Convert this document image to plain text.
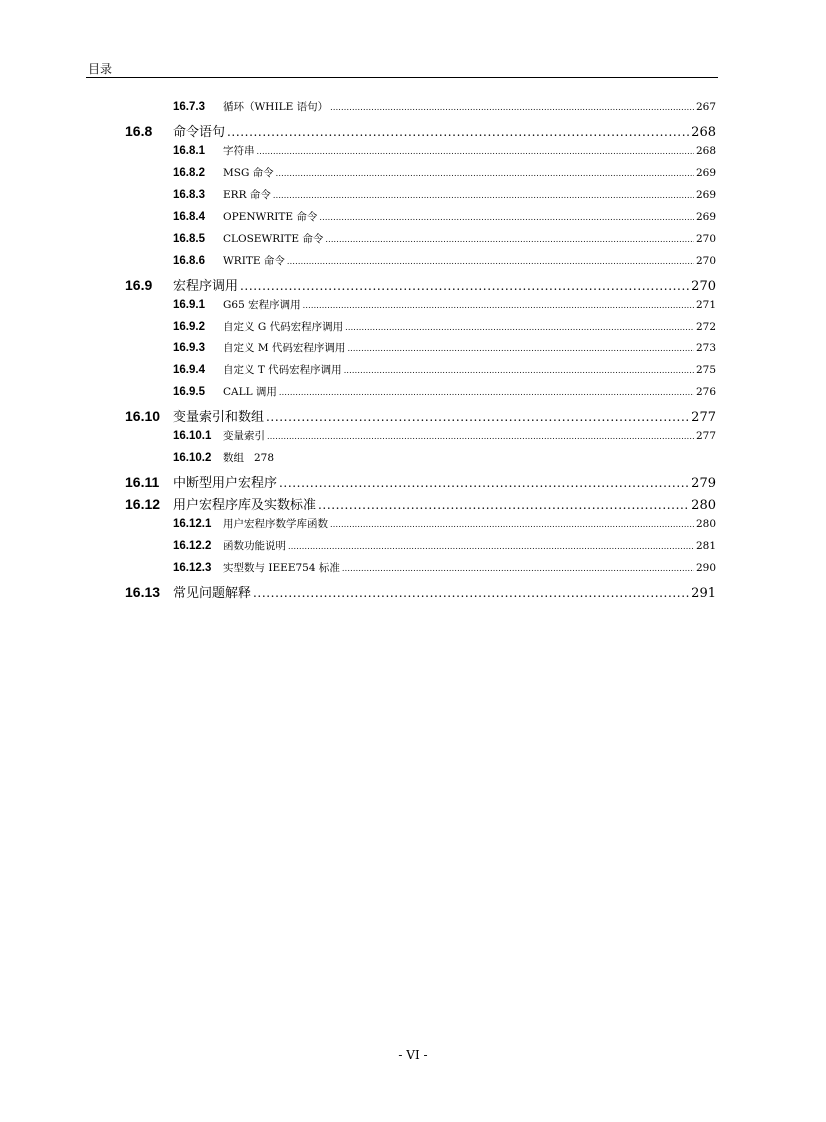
目录
16.7.3	循环（WHILE 语句） .....	267
16.8	命令语句 .....	268
16.8.1	字符串 .....	268
16.8.2	MSG 命令 .....	269
16.8.3	ERR 命令 .....	269
16.8.4	OPENWRITE 命令 .....	269
16.8.5	CLOSEWRITE 命令 .....	270
16.8.6	WRITE 命令 .....	270
16.9	宏程序调用 .....	270
16.9.1	G65 宏程序调用 .....	271
16.9.2	自定义 G 代码宏程序调用 .....	272
16.9.3	自定义 M 代码宏程序调用 .....	273
16.9.4	自定义 T 代码宏程序调用 .....	275
16.9.5	CALL 调用 .....	276
16.10 变量索引和数组 .....	277
16.10.1	变量索引 .....	277
16.10.2	数组 278
16.11	中断型用户宏程序 .....	279
16.12 用户宏程序库及实数标准 .....	280
16.12.1	用户宏程序数学库函数 .....	280
16.12.2	函数功能说明 .....	281
16.12.3	实型数与 IEEE754 标准 .....	290
16.13 常见问题解释 .....	291
- VI -
